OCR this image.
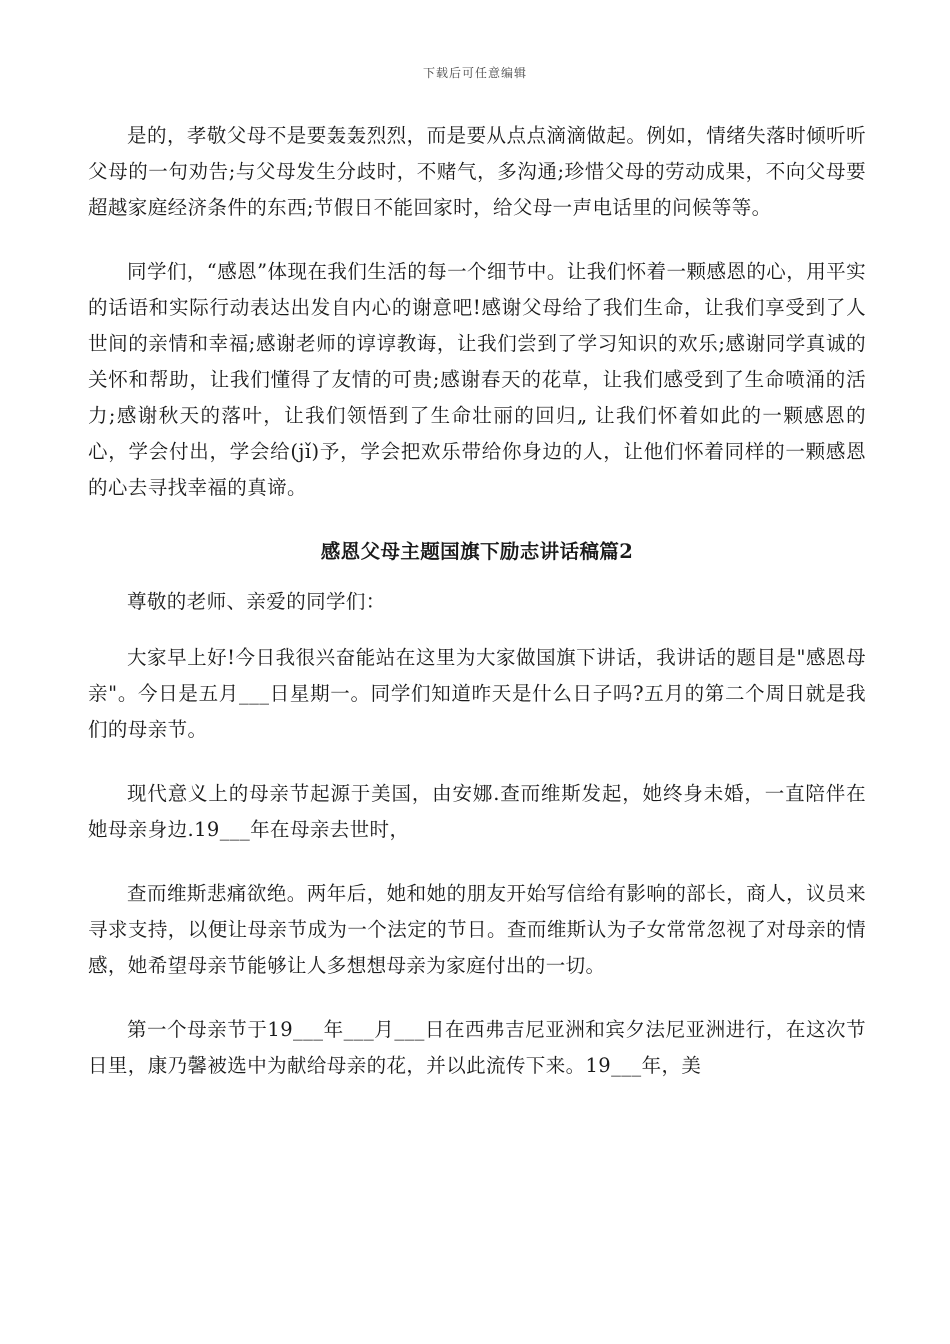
下载后可任意编辑

是的，孝敬父母不是要轰轰烈烈，而是要从点点滴滴做起。例如，情绪失落时倾听听父母的一句劝告;与父母发生分歧时，不赌气，多沟通;珍惜父母的劳动成果，不向父母要超越家庭经济条件的东西;节假日不能回家时，给父母一声电话里的问候等等。

同学们，“感恩”体现在我们生活的每一个细节中。让我们怀着一颗感恩的心，用平实的话语和实际行动表达出发自内心的谢意吧!感谢父母给了我们生命，让我们享受到了人世间的亲情和幸福;感谢老师的谆谆教诲，让我们尝到了学习知识的欢乐;感谢同学真诚的关怀和帮助，让我们懂得了友情的可贵;感谢春天的花草，让我们感受到了生命喷涌的活力;感谢秋天的落叶，让我们领悟到了生命壮丽的回归„ 让我们怀着如此的一颗感恩的心，学会付出，学会给(jǐ)予，学会把欢乐带给你身边的人，让他们怀着同样的一颗感恩的心去寻找幸福的真谛。

感恩父母主题国旗下励志讲话稿篇2

尊敬的老师、亲爱的同学们：

大家早上好!今日我很兴奋能站在这里为大家做国旗下讲话，我讲话的题目是"感恩母亲"。今日是五月___日星期一。同学们知道昨天是什么日子吗?五月的第二个周日就是我们的母亲节。

现代意义上的母亲节起源于美国，由安娜.查而维斯发起，她终身未婚，一直陪伴在她母亲身边.19___年在母亲去世时，

查而维斯悲痛欲绝。两年后，她和她的朋友开始写信给有影响的部长，商人，议员来寻求支持，以便让母亲节成为一个法定的节日。查而维斯认为子女常常忽视了对母亲的情感，她希望母亲节能够让人多想想母亲为家庭付出的一切。

第一个母亲节于19___年___月___日在西弗吉尼亚洲和宾夕法尼亚洲进行，在这次节日里，康乃馨被选中为献给母亲的花，并以此流传下来。19___年，美
